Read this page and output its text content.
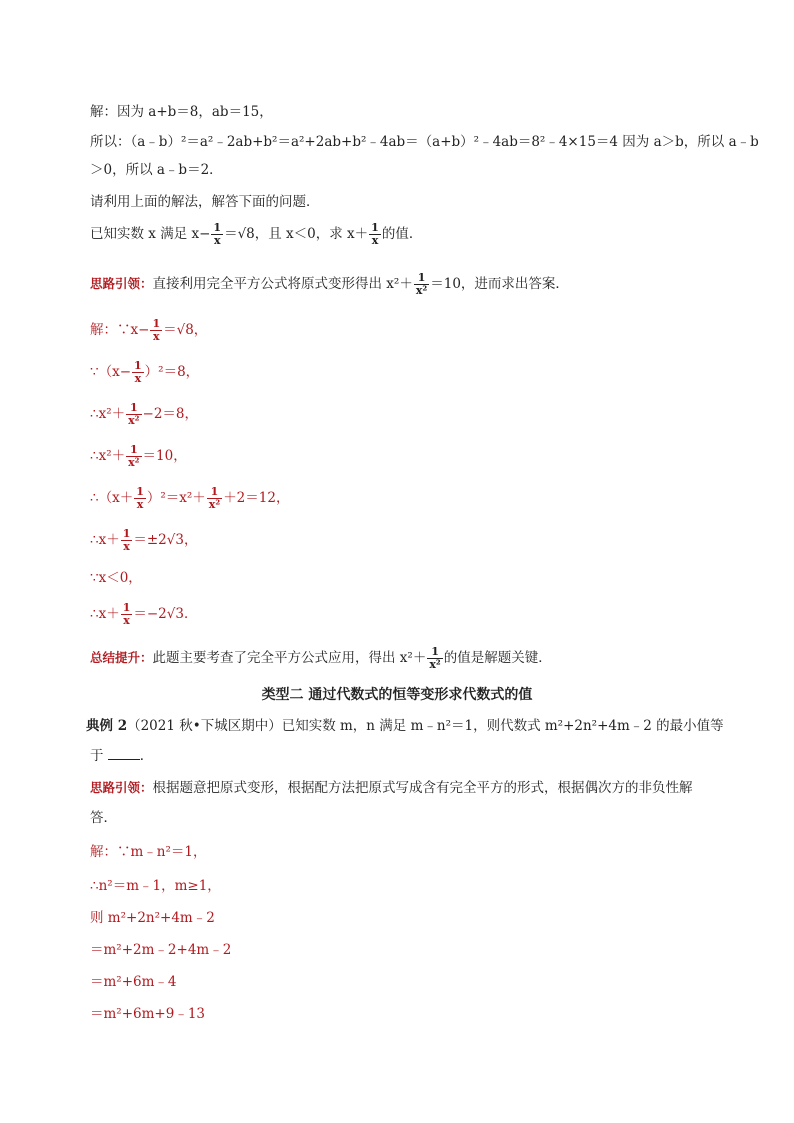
解：因为 a+b＝8，ab＝15，
所以：（a﹣b）²＝a²﹣2ab+b²＝a²+2ab+b²﹣4ab＝（a+b）²﹣4ab＝8²﹣4×15＝4 因为 a＞b，所以 a﹣b
＞0，所以 a﹣b＝2．
请利用上面的解法，解答下面的问题．
已知实数 x 满足 $x- \frac{1}{x} =√8$，且 x＜0，求 $x+ \frac{1}{x}$ 的值．
思路引领：直接利用完全平方公式将原式变形得出 $x^2+ \frac{1}{\text{x²}} =10$，进而求出答案．
解：∵x− $\frac{1}{x} =√8$，
∵（x− $\frac{1}{x} )^2=8$，
∴x²＋ $\frac{1}{\text{x²}} -2=8$，
∴x²＋ $\frac{1}{\text{x²}} =10$，
∴（x＋ $\frac{1}{x} )^2=x^2+ \frac{1}{\text{x²}} +2=12$，
∴x＋ $\frac{1}{x} =\pm 2√3$，
∵x＜0，
∴x＋ $\frac{1}{x} =-2√3$．
总结提升：此题主要考查了完全平方公式应用，得出 $x^2+ \frac{1}{\text{x²}}$ 的值是解题关键．
类型二 通过代数式的恒等变形求代数式的值
典例 2（2021 秋•下城区期中）已知实数 m，n 满足 m﹣n²＝1，则代数式 m²+2n²+4m﹣2 的最小值等
于 ．
思路引领：根据题意把原式变形，根据配方法把原式写成含有完全平方的形式，根据偶次方的非负性解
答．
解：∵m﹣n²＝1，
∴n²＝m﹣1，m≥1，
则 m²+2n²+4m﹣2
＝m²+2m﹣2+4m﹣2
＝m²+6m﹣4
＝m²+6m+9﹣13
